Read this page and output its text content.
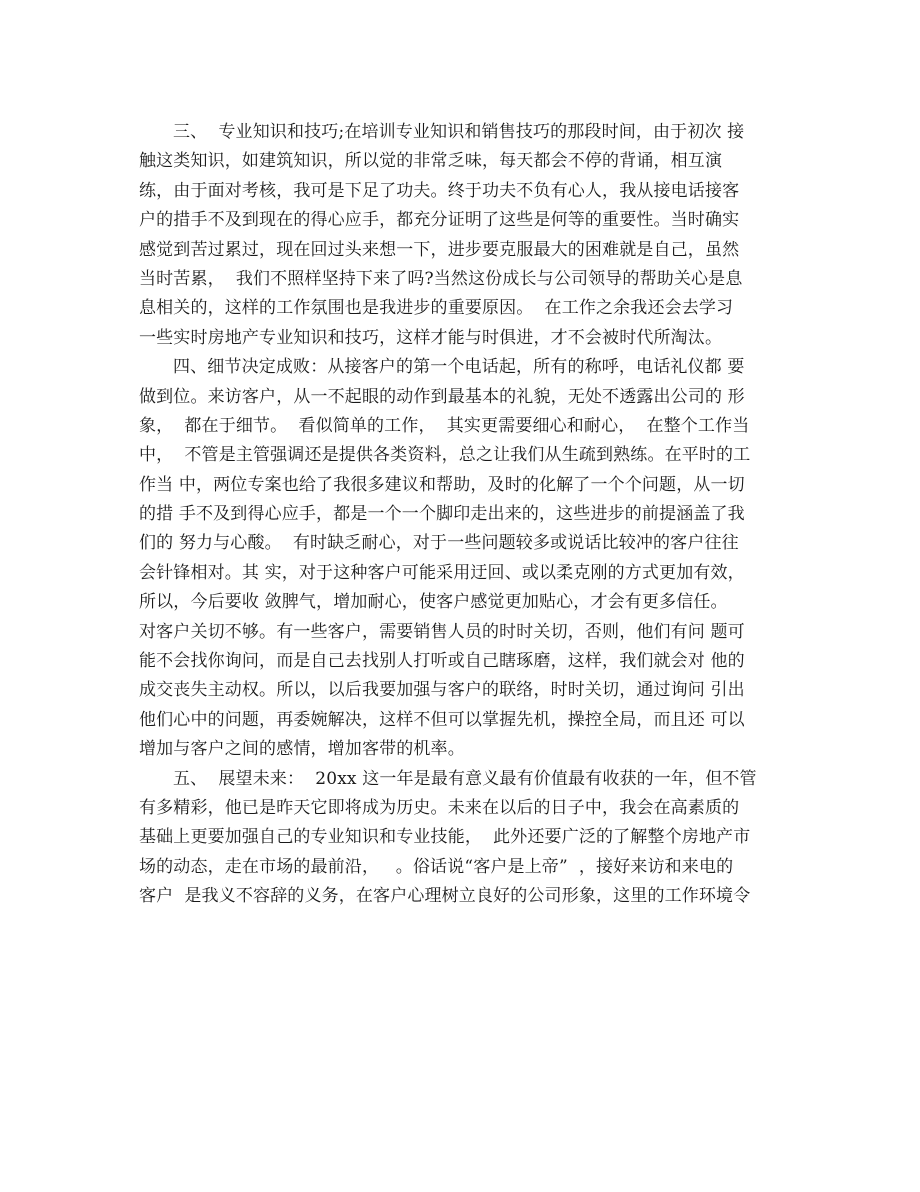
三、  专业知识和技巧;在培训专业知识和销售技巧的那段时间，由于初次 接
触这类知识，如建筑知识，所以觉的非常乏味，每天都会不停的背诵，相互演
练，由于面对考核，我可是下足了功夫。终于功夫不负有心人，我从接电话接客
户的措手不及到现在的得心应手，都充分证明了这些是何等的重要性。当时确实
感觉到苦过累过，现在回过头来想一下，进步要克服最大的困难就是自己，虽然
当时苦累，  我们不照样坚持下来了吗?当然这份成长与公司领导的帮助关心是息
息相关的，这样的工作氛围也是我进步的重要原因。  在工作之余我还会去学习
一些实时房地产专业知识和技巧，这样才能与时俱进，才不会被时代所淘汰。
四、细节决定成败：从接客户的第一个电话起，所有的称呼，电话礼仪都 要
做到位。来访客户，从一不起眼的动作到最基本的礼貌，无处不透露出公司的 形
象，  都在于细节。  看似简单的工作，  其实更需要细心和耐心，  在整个工作当
中，  不管是主管强调还是提供各类资料，总之让我们从生疏到熟练。在平时的工
作当 中，两位专案也给了我很多建议和帮助，及时的化解了一个个问题，从一切
的措 手不及到得心应手，都是一个一个脚印走出来的，这些进步的前提涵盖了我
们的 努力与心酸。  有时缺乏耐心，对于一些问题较多或说话比较冲的客户往往
会针锋相对。其 实，对于这种客户可能采用迂回、或以柔克刚的方式更加有效，
所以，今后要收 敛脾气，增加耐心，使客户感觉更加贴心，才会有更多信任。
对客户关切不够。有一些客户，需要销售人员的时时关切，否则，他们有问 题可
能不会找你询问，而是自己去找别人打听或自己瞎琢磨，这样，我们就会对 他的
成交丧失主动权。所以，以后我要加强与客户的联络，时时关切，通过询问 引出
他们心中的问题，再委婉解决，这样不但可以掌握先机，操控全局，而且还 可以
增加与客户之间的感情，增加客带的机率。
五、  展望未来：  20xx 这一年是最有意义最有价值最有收获的一年，但不管
有多精彩，他已是昨天它即将成为历史。未来在以后的日子中，我会在高素质的
基础上更要加强自己的专业知识和专业技能，  此外还要广泛的了解整个房地产市
场的动态，走在市场的最前沿，   。俗话说“客户是上帝”  ，接好来访和来电的
客户  是我义不容辞的义务，在客户心理树立良好的公司形象，这里的工作环境令
